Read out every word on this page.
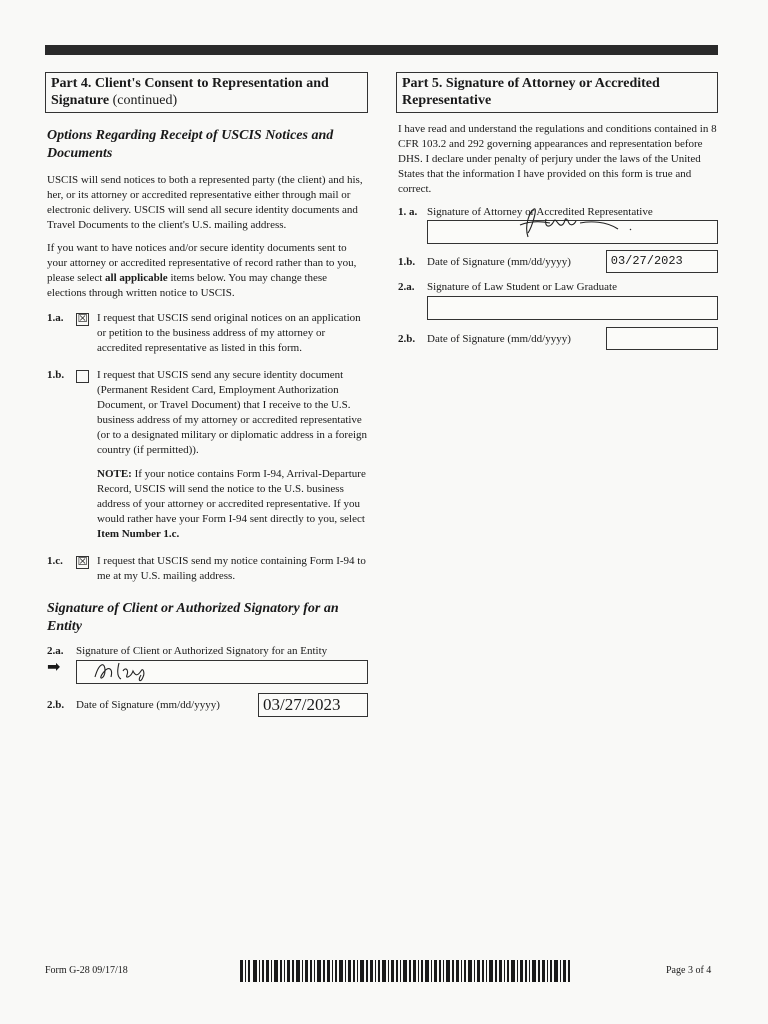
Part 4. Client's Consent to Representation and Signature (continued)
Options Regarding Receipt of USCIS Notices and Documents

USCIS will send notices to both a represented party (the client) and his, her, or its attorney or accredited representative either through mail or electronic delivery. USCIS will send all secure identity documents and Travel Documents to the client's U.S. mailing address.

If you want to have notices and/or secure identity documents sent to your attorney or accredited representative of record rather than to you, please select all applicable items below. You may change these elections through written notice to USCIS.

1.a.	☒ I request that USCIS send original notices on an application or petition to the business address of my attorney or accredited representative as listed in this form.
1.b.	I request that USCIS send any secure identity document (Permanent Resident Card, Employment Authorization Document, or Travel Document) that I receive to the U.S. business address of my attorney or accredited representative (or to a designated military or diplomatic address in a foreign country (if permitted)).
NOTE: If your notice contains Form I-94, Arrival-Departure Record, USCIS will send the notice to the U.S. business address of your attorney or accredited representative. If you would rather have your Form I-94 sent directly to you, select Item Number 1.c.
1.c.	☒ I request that USCIS send my notice containing Form I-94 to me at my U.S. mailing address.
Signature of Client or Authorized Signatory for an Entity
2.a.	Signature of Client or Authorized Signatory for an Entity
➡
2.b.	Date of Signature (mm/dd/yyyy)	03/27/2023
Part 5. Signature of Attorney or Accredited Representative

I have read and understand the regulations and conditions contained in 8 CFR 103.2 and 292 governing appearances and representation before DHS. I declare under penalty of perjury under the laws of the United States that the information I have provided on this form is true and correct.

1. a. Signature of Attorney or Accredited Representative
1.b.	Date of Signature (mm/dd/yyyy)	03/27/2023
2.a.	Signature of Law Student or Law Graduate
2.b.	Date of Signature (mm/dd/yyyy)
Form G-28 09/17/18	Page 3 of 4
